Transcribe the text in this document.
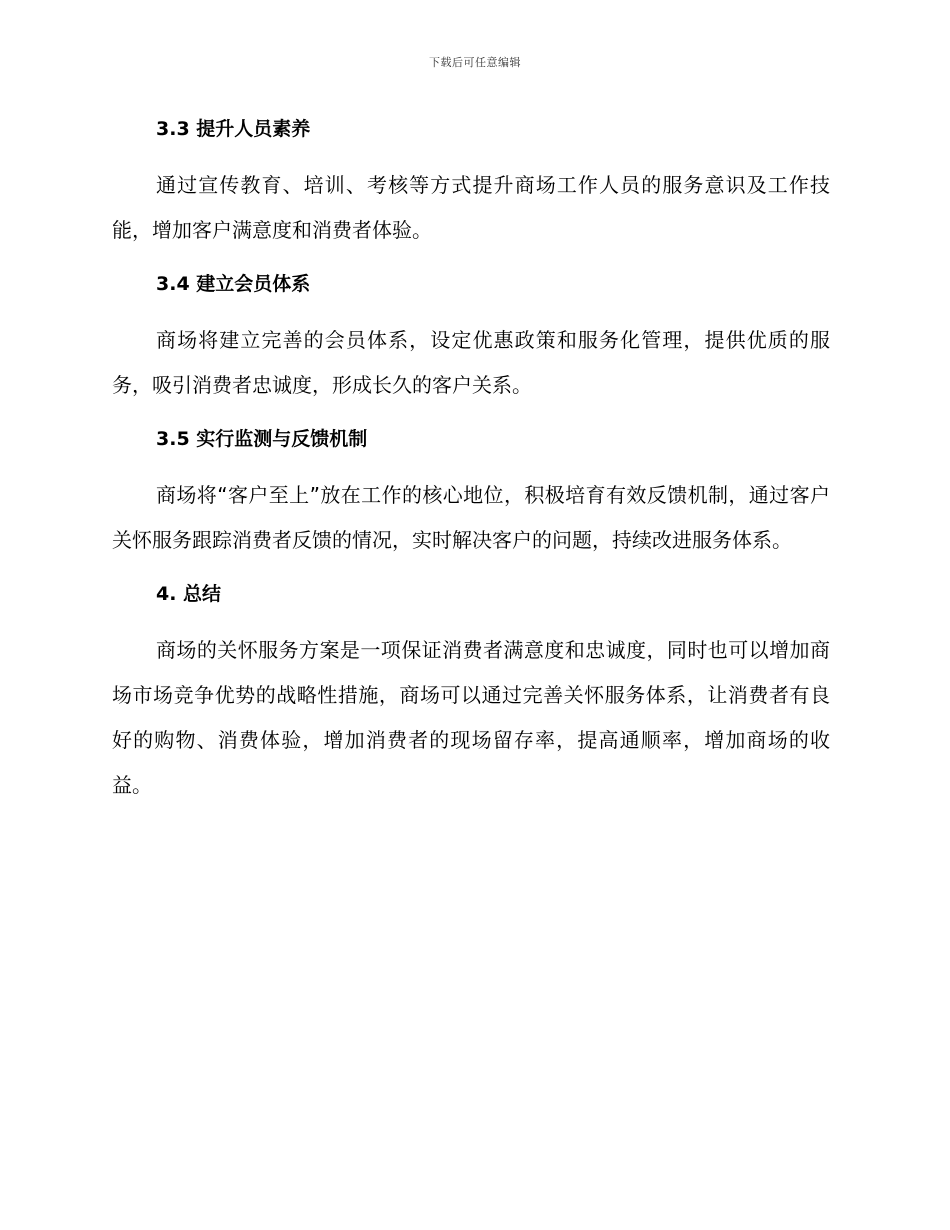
下载后可任意编辑
3.3 提升人员素养

通过宣传教育、培训、考核等方式提升商场工作人员的服务意识及工作技能，增加客户满意度和消费者体验。

3.4 建立会员体系

商场将建立完善的会员体系，设定优惠政策和服务化管理，提供优质的服务，吸引消费者忠诚度，形成长久的客户关系。

3.5 实行监测与反馈机制

商场将“客户至上”放在工作的核心地位，积极培育有效反馈机制，通过客户关怀服务跟踪消费者反馈的情况，实时解决客户的问题，持续改进服务体系。

4. 总结

商场的关怀服务方案是一项保证消费者满意度和忠诚度，同时也可以增加商场市场竞争优势的战略性措施，商场可以通过完善关怀服务体系，让消费者有良好的购物、消费体验，增加消费者的现场留存率，提高通顺率，增加商场的收益。
